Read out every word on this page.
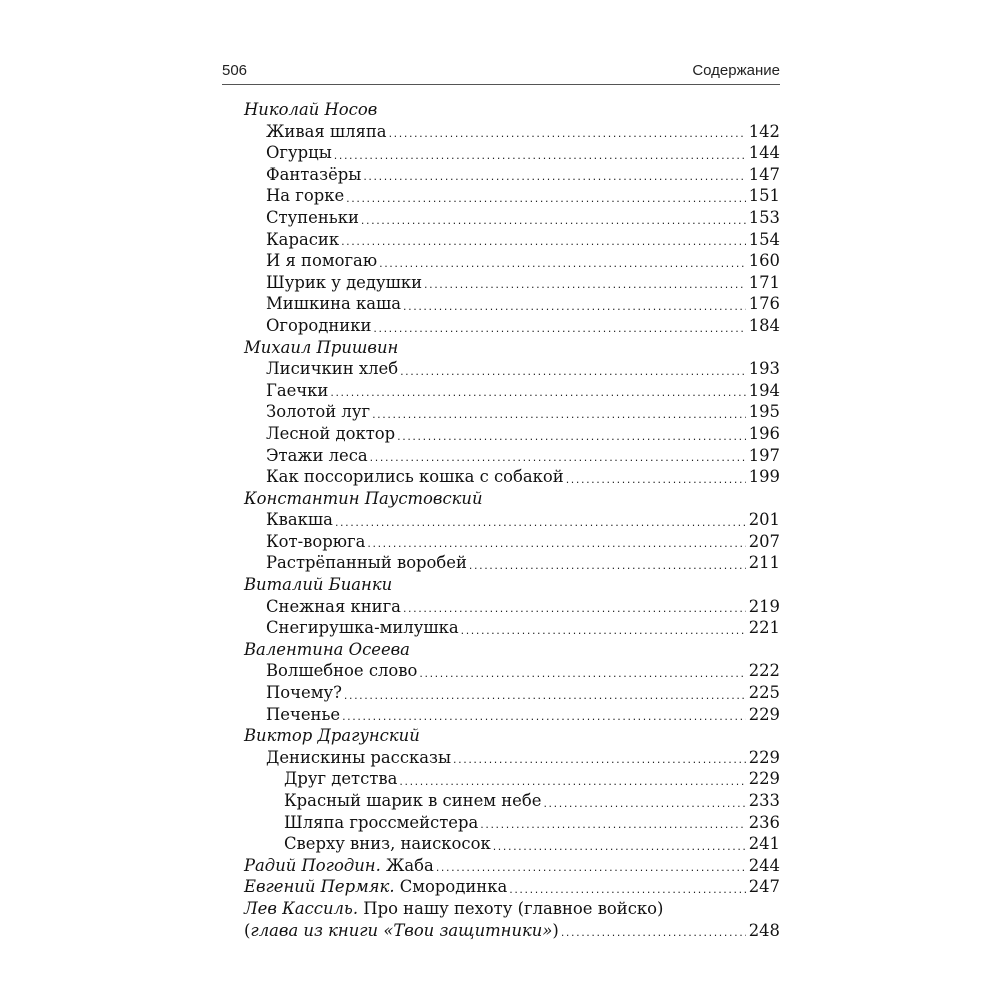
506	Содержание
Николай Носов
Живая шляпа .....	142
Огурцы .....	144
Фантазёры .....	147
На горке .....	151
Ступеньки .....	153
Карасик .....	154
И я помогаю .....	160
Шурик у дедушки .....	171
Мишкина каша .....	176
Огородники .....	184
Михаил Пришвин
Лисичкин хлеб .....	193
Гаечки .....	194
Золотой луг .....	195
Лесной доктор .....	196
Этажи леса .....	197
Как поссорились кошка с собакой .....	199
Константин Паустовский
Квакша .....	201
Кот-ворюга .....	207
Растрёпанный воробей .....	211
Виталий Бианки
Снежная книга .....	219
Снегирушка-милушка .....	221
Валентина Осеева
Волшебное слово .....	222
Почему? .....	225
Печенье .....	229
Виктор Драгунский
Денискины рассказы .....	229
Друг детства .....	229
Красный шарик в синем небе .....	233
Шляпа гроссмейстера .....	236
Сверху вниз, наискосок .....	241
Радий Погодин. Жаба .....	244
Евгений Пермяк. Смородинка .....	247
Лев Кассиль. Про нашу пехоту (главное войско)
(глава из книги «Твои защитники») .....	248
